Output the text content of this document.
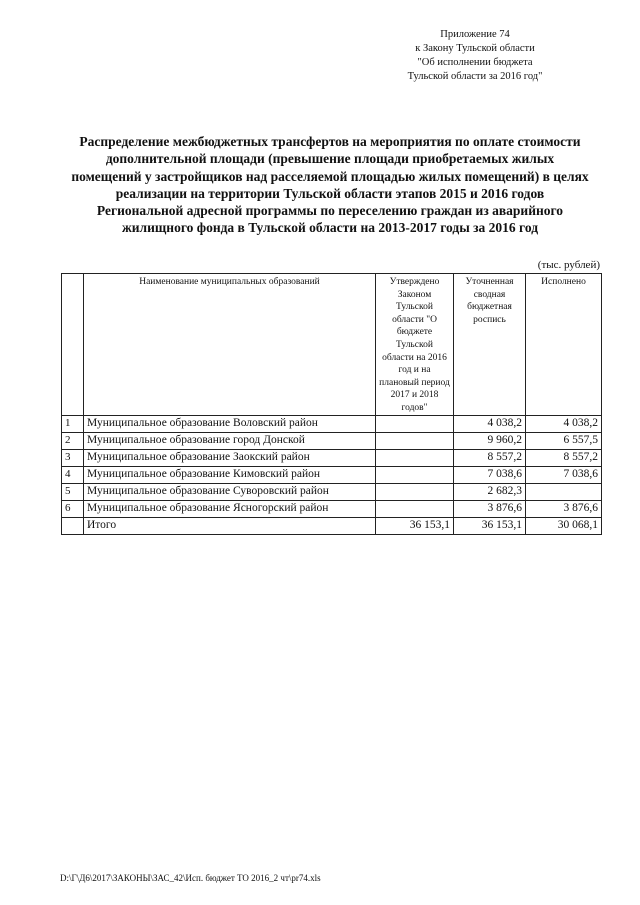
Приложение 74
к Закону Тульской области
"Об исполнении бюджета
Тульской области за 2016 год"
Распределение межбюджетных трансфертов на мероприятия по оплате стоимости
дополнительной площади (превышение площади приобретаемых жилых
помещений у застройщиков над расселяемой площадью жилых помещений) в целях
реализации на территории Тульской области этапов 2015 и 2016 годов
Региональной адресной программы по переселению граждан из аварийного
жилищного фонда в Тульской области на 2013-2017 годы за 2016 год
(тыс. рублей)
	Наименование муниципальных образований	Утверждено Законом Тульской области "О бюджете Тульской области на 2016 год и на плановый период 2017 и 2018 годов"	Уточненная сводная бюджетная роспись	Исполнено
1	Муниципальное образование Воловский район		4 038,2	4 038,2
2	Муниципальное образование город Донской		9 960,2	6 557,5
3	Муниципальное образование Заокский район		8 557,2	8 557,2
4	Муниципальное образование Кимовский район		7 038,6	7 038,6
5	Муниципальное образование Суворовский район		2 682,3	
6	Муниципальное образование Ясногорский район		3 876,6	3 876,6
	Итого	36 153,1	36 153,1	30 068,1
D:\Г\Д6\2017\ЗАКОНЫ\ЗАС_42\Исп. бюджет ТО 2016_2 чт\pr74.xls
